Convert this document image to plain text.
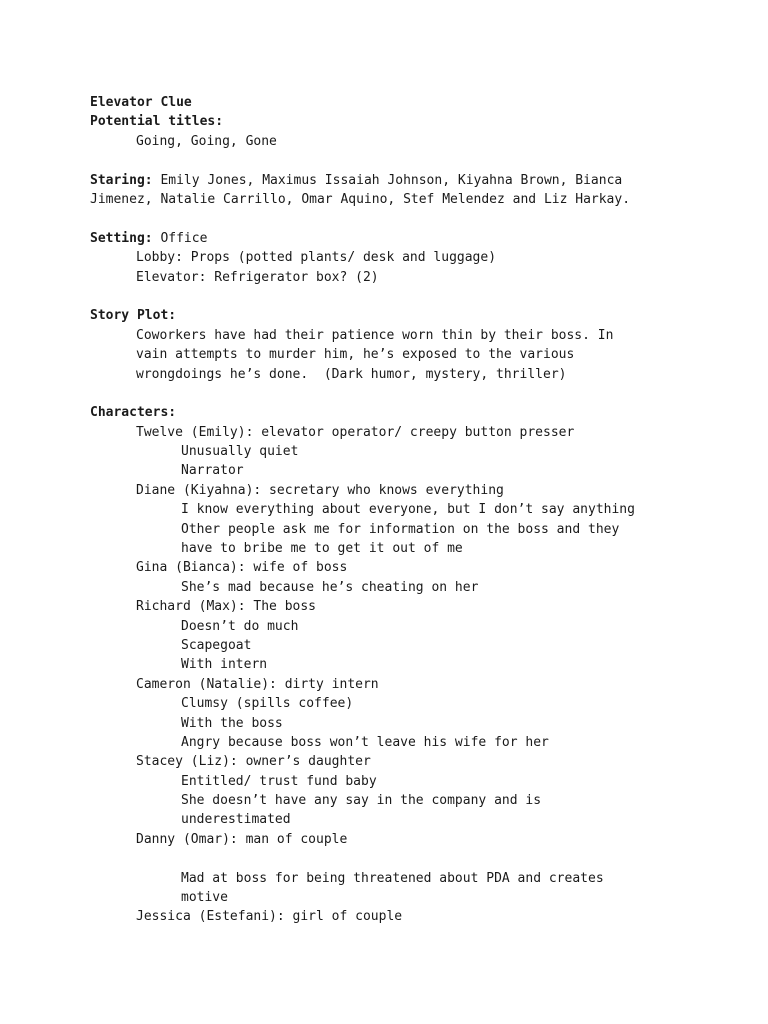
Elevator Clue
Potential titles:
Going, Going, Gone
Staring: Emily Jones, Maximus Issaiah Johnson, Kiyahna Brown, Bianca
Jimenez, Natalie Carrillo, Omar Aquino, Stef Melendez and Liz Harkay.
Setting: Office
Lobby: Props (potted plants/ desk and luggage)
Elevator: Refrigerator box? (2)
Story Plot:
Coworkers have had their patience worn thin by their boss. In
vain attempts to murder him, he’s exposed to the various
wrongdoings he’s done.  (Dark humor, mystery, thriller)
Characters:
Twelve (Emily): elevator operator/ creepy button presser
Unusually quiet
Narrator
Diane (Kiyahna): secretary who knows everything
I know everything about everyone, but I don’t say anything
Other people ask me for information on the boss and they
have to bribe me to get it out of me
Gina (Bianca): wife of boss
She’s mad because he’s cheating on her
Richard (Max): The boss
Doesn’t do much
Scapegoat
With intern
Cameron (Natalie): dirty intern
Clumsy (spills coffee)
With the boss
Angry because boss won’t leave his wife for her
Stacey (Liz): owner’s daughter
Entitled/ trust fund baby
She doesn’t have any say in the company and is
underestimated
Danny (Omar): man of couple
Mad at boss for being threatened about PDA and creates
motive
Jessica (Estefani): girl of couple
